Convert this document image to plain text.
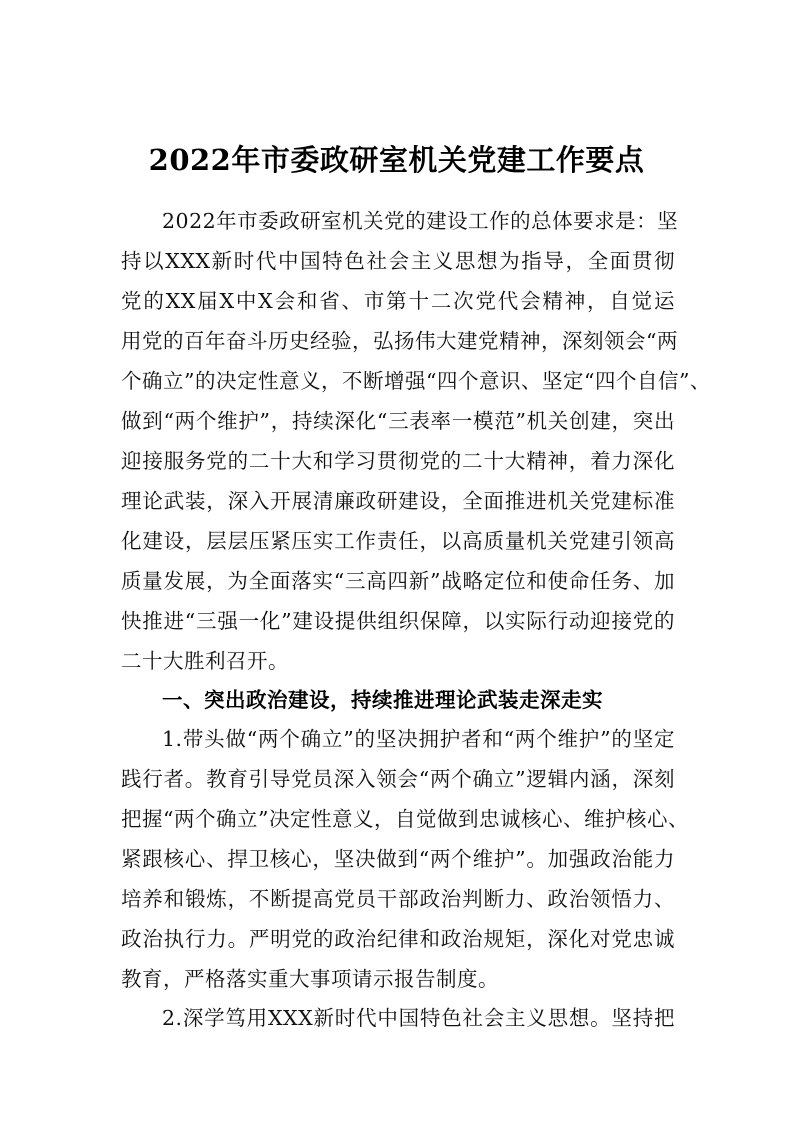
2022年市委政研室机关党建工作要点
2022年市委政研室机关党的建设工作的总体要求是：坚
持以XXX新时代中国特色社会主义思想为指导，全面贯彻
党的XX届X中X会和省、市第十二次党代会精神，自觉运
用党的百年奋斗历史经验，弘扬伟大建党精神，深刻领会“两
个确立”的决定性意义，不断增强“四个意识、坚定“四个自信”、
做到“两个维护”，持续深化“三表率一模范”机关创建，突出
迎接服务党的二十大和学习贯彻党的二十大精神，着力深化
理论武装，深入开展清廉政研建设，全面推进机关党建标准
化建设，层层压紧压实工作责任，以高质量机关党建引领高
质量发展，为全面落实“三高四新”战略定位和使命任务、加
快推进“三强一化”建设提供组织保障，以实际行动迎接党的
二十大胜利召开。
一、突出政治建设，持续推进理论武装走深走实
1.带头做“两个确立”的坚决拥护者和“两个维护”的坚定
践行者。教育引导党员深入领会“两个确立”逻辑内涵，深刻
把握“两个确立”决定性意义，自觉做到忠诚核心、维护核心、
紧跟核心、捍卫核心，坚决做到“两个维护”。加强政治能力
培养和锻炼，不断提高党员干部政治判断力、政治领悟力、
政治执行力。严明党的政治纪律和政治规矩，深化对党忠诚
教育，严格落实重大事项请示报告制度。
2.深学笃用XXX新时代中国特色社会主义思想。坚持把
